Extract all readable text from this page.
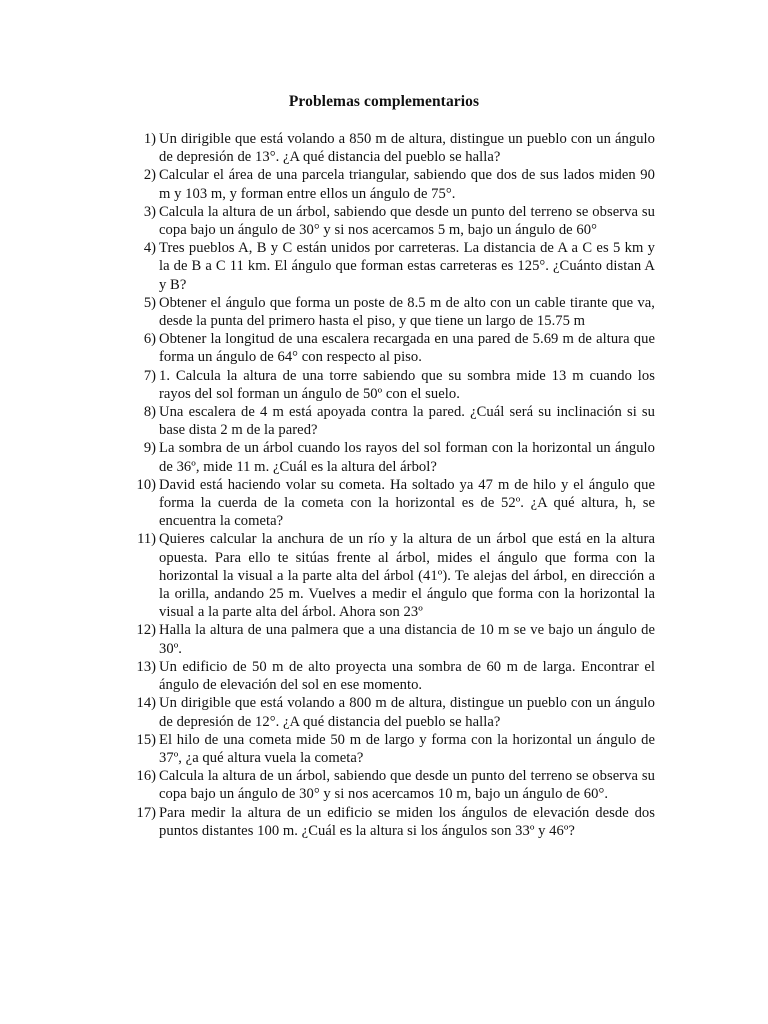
Problemas complementarios
1) Un dirigible que está volando a 850 m de altura, distingue un pueblo con un ángulo de depresión de 13°. ¿A qué distancia del pueblo se halla?
2) Calcular el área de una parcela triangular, sabiendo que dos de sus lados miden 90 m y 103 m, y forman entre ellos un ángulo de 75°.
3) Calcula la altura de un árbol, sabiendo que desde un punto del terreno se observa su copa bajo un ángulo de 30° y si nos acercamos 5 m, bajo un ángulo de 60°
4) Tres pueblos A, B y C están unidos por carreteras. La distancia de A a C es 5 km y la de B a C 11 km. El ángulo que forman estas carreteras es 125°. ¿Cuánto distan A y B?
5) Obtener el ángulo que forma un poste de 8.5 m de alto con un cable tirante que va, desde la punta del primero hasta el piso, y que tiene un largo de 15.75 m
6) Obtener la longitud de una escalera recargada en una pared de 5.69 m de altura que forma un ángulo de 64° con respecto al piso.
7) 1. Calcula la altura de una torre sabiendo que su sombra mide 13 m cuando los rayos del sol forman un ángulo de 50º con el suelo.
8) Una escalera de 4 m está apoyada contra la pared. ¿Cuál será su inclinación si su base dista 2 m de la pared?
9) La sombra de un árbol cuando los rayos del sol forman con la horizontal un ángulo de 36º, mide 11 m. ¿Cuál es la altura del árbol?
10) David está haciendo volar su cometa. Ha soltado ya 47 m de hilo y el ángulo que forma la cuerda de la cometa con la horizontal es de 52º. ¿A qué altura, h, se encuentra la cometa?
11) Quieres calcular la anchura de un río y la altura de un árbol que está en la altura opuesta. Para ello te sitúas frente al árbol, mides el ángulo que forma con la horizontal la visual a la parte alta del árbol (41º). Te alejas del árbol, en dirección a la orilla, andando 25 m. Vuelves a medir el ángulo que forma con la horizontal la visual a la parte alta del árbol. Ahora son 23º
12) Halla la altura de una palmera que a una distancia de 10 m se ve bajo un ángulo de 30º.
13) Un edificio de 50 m de alto proyecta una sombra de 60 m de larga. Encontrar el ángulo de elevación del sol en ese momento.
14) Un dirigible que está volando a 800 m de altura, distingue un pueblo con un ángulo de depresión de 12°. ¿A qué distancia del pueblo se halla?
15) El hilo de una cometa mide 50 m de largo y forma con la horizontal un ángulo de 37º, ¿a qué altura vuela la cometa?
16) Calcula la altura de un árbol, sabiendo que desde un punto del terreno se observa su copa bajo un ángulo de 30° y si nos acercamos 10 m, bajo un ángulo de 60°.
17) Para medir la altura de un edificio se miden los ángulos de elevación desde dos puntos distantes 100 m. ¿Cuál es la altura si los ángulos son 33º y 46º?
